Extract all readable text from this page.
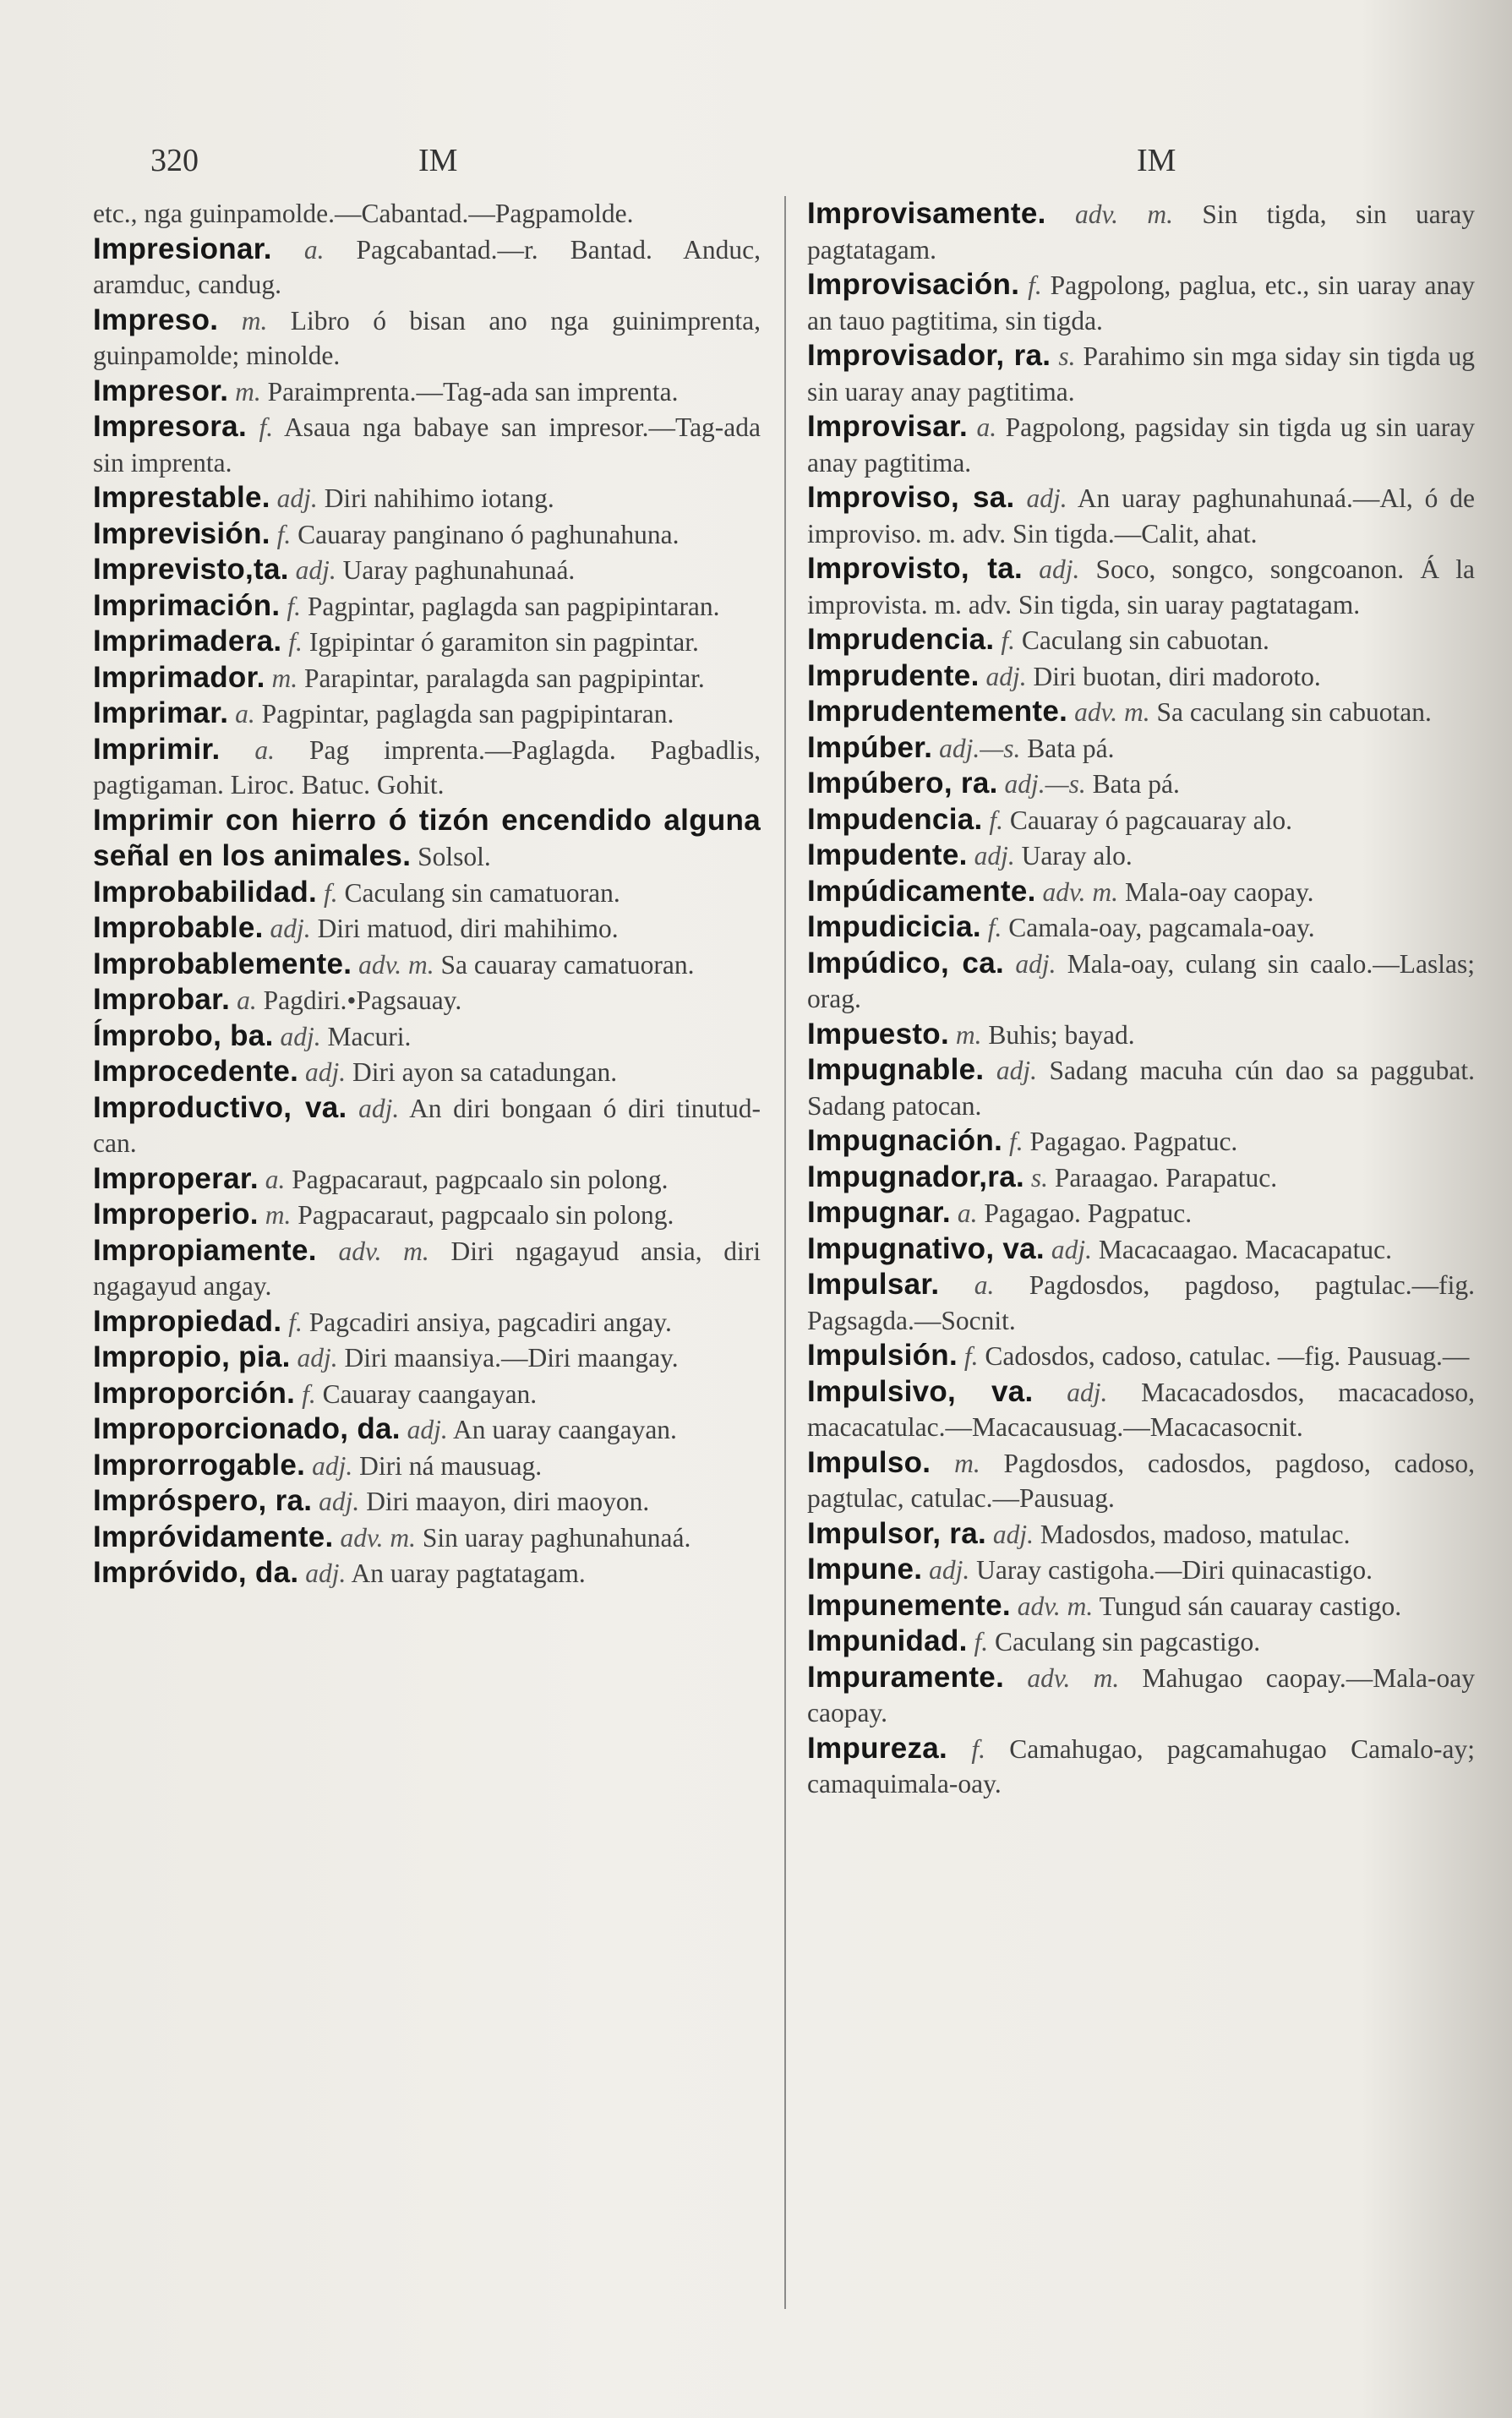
320	IM	IM

etc., nga guinpamolde.—Cabantad.—Pagpamolde.

Impresionar. a. Pagcabantad.—r. Bantad. Anduc, aramduc, candug.

Impreso. m. Libro ó bisan ano nga guinimprenta, guinpamolde; minolde.

Impresor. m. Paraimprenta.—Tag-ada san imprenta.

Impresora. f. Asaua nga babaye san impresor.—Tag-ada sin imprenta.

Imprestable. adj. Diri nahihimo iotang.

Imprevisión. f. Cauaray panginano ó paghunahuna.

Imprevisto,ta. adj. Uaray paghunahunaá.

Imprimación. f. Pagpintar, paglagda san pagpipintaran.

Imprimadera. f. Igpipintar ó garamiton sin pagpintar.

Imprimador. m. Parapintar, paralagda san pagpipintar.

Imprimar. a. Pagpintar, paglagda san pagpipintaran.

Imprimir. a. Pag imprenta.—Paglagda. Pagbadlis, pagtigaman. Liroc. Batuc. Gohit.

Imprimir con hierro ó tizón encendido alguna señal en los animales. Solsol.

Improbabilidad. f. Caculang sin camatuoran.

Improbable. adj. Diri matuod, diri mahihimo.

Improbablemente. adv. m. Sa cauaray camatuoran.

Improbar. a. Pagdiri.•Pagsauay.

Ímprobo, ba. adj. Macuri.

Improcedente. adj. Diri ayon sa catadungan.

Improductivo, va. adj. An diri bongaan ó diri tinutud-can.

Improperar. a. Pagpacaraut, pagpcaalo sin polong.

Improperio. m. Pagpacaraut, pagpcaalo sin polong.

Impropiamente. adv. m. Diri ngagayud ansia, diri ngagayud angay.

Impropiedad. f. Pagcadiri ansiya, pagcadiri angay.

Impropio, pia. adj. Diri maansiya.—Diri maangay.

Improporción. f. Cauaray caangayan.

Improporcionado, da. adj. An uaray caangayan.

Improrrogable. adj. Diri ná mausuag.

Impróspero, ra. adj. Diri maayon, diri maoyon.

Impróvidamente. adv. m. Sin uaray paghunahunaá.

Impróvido, da. adj. An uaray pagtatagam.

Improvisamente. adv. m. Sin tigda, sin uaray pagtatagam.

Improvisación. f. Pagpolong, paglua, etc., sin uaray anay an tauo pagtitima, sin tigda.

Improvisador, ra. s. Parahimo sin mga siday sin tigda ug sin uaray anay pagtitima.

Improvisar. a. Pagpolong, pagsiday sin tigda ug sin uaray anay pagtitima.

Improviso, sa. adj. An uaray paghunahunaá.—Al, ó de improviso. m. adv. Sin tigda.—Calit, ahat.

Improvisto, ta. adj. Soco, songco, songcoanon. Á la improvista. m. adv. Sin tigda, sin uaray pagtatagam.

Imprudencia. f. Caculang sin cabuotan.

Imprudente. adj. Diri buotan, diri madoroto.

Imprudentemente. adv. m. Sa caculang sin cabuotan.

Impúber. adj.—s. Bata pá.

Impúbero, ra. adj.—s. Bata pá.

Impudencia. f. Cauaray ó pagcauaray alo.

Impudente. adj. Uaray alo.

Impúdicamente. adv. m. Mala-oay caopay.

Impudicicia. f. Camala-oay, pagcamala-oay.

Impúdico, ca. adj. Mala-oay, culang sin caalo.—Laslas; orag.

Impuesto. m. Buhis; bayad.

Impugnable. adj. Sadang macuha cún dao sa paggubat. Sadang patocan.

Impugnación. f. Pagagao. Pagpatuc.

Impugnador,ra. s. Paraagao. Parapatuc.

Impugnar. a. Pagagao. Pagpatuc.

Impugnativo, va. adj. Macacaagao. Macacapatuc.

Impulsar. a. Pagdosdos, pagdoso, pagtulac.—fig. Pagsagda.—Socnit.

Impulsión. f. Cadosdos, cadoso, catulac. —fig. Pausuag.—

Impulsivo, va. adj. Macacadosdos, macacadoso, macacatulac.—Macacausuag.—Macacasocnit.

Impulso. m. Pagdosdos, cadosdos, pagdoso, cadoso, pagtulac, catulac.—Pausuag.

Impulsor, ra. adj. Madosdos, madoso, matulac.

Impune. adj. Uaray castigoha.—Diri quinacastigo.

Impunemente. adv. m. Tungud sán cauaray castigo.

Impunidad. f. Caculang sin pagcastigo.

Impuramente. adv. m. Mahugao caopay.—Mala-oay caopay.

Impureza. f. Camahugao, pagcamahugao Camalo-ay; camaquimala-oay.
